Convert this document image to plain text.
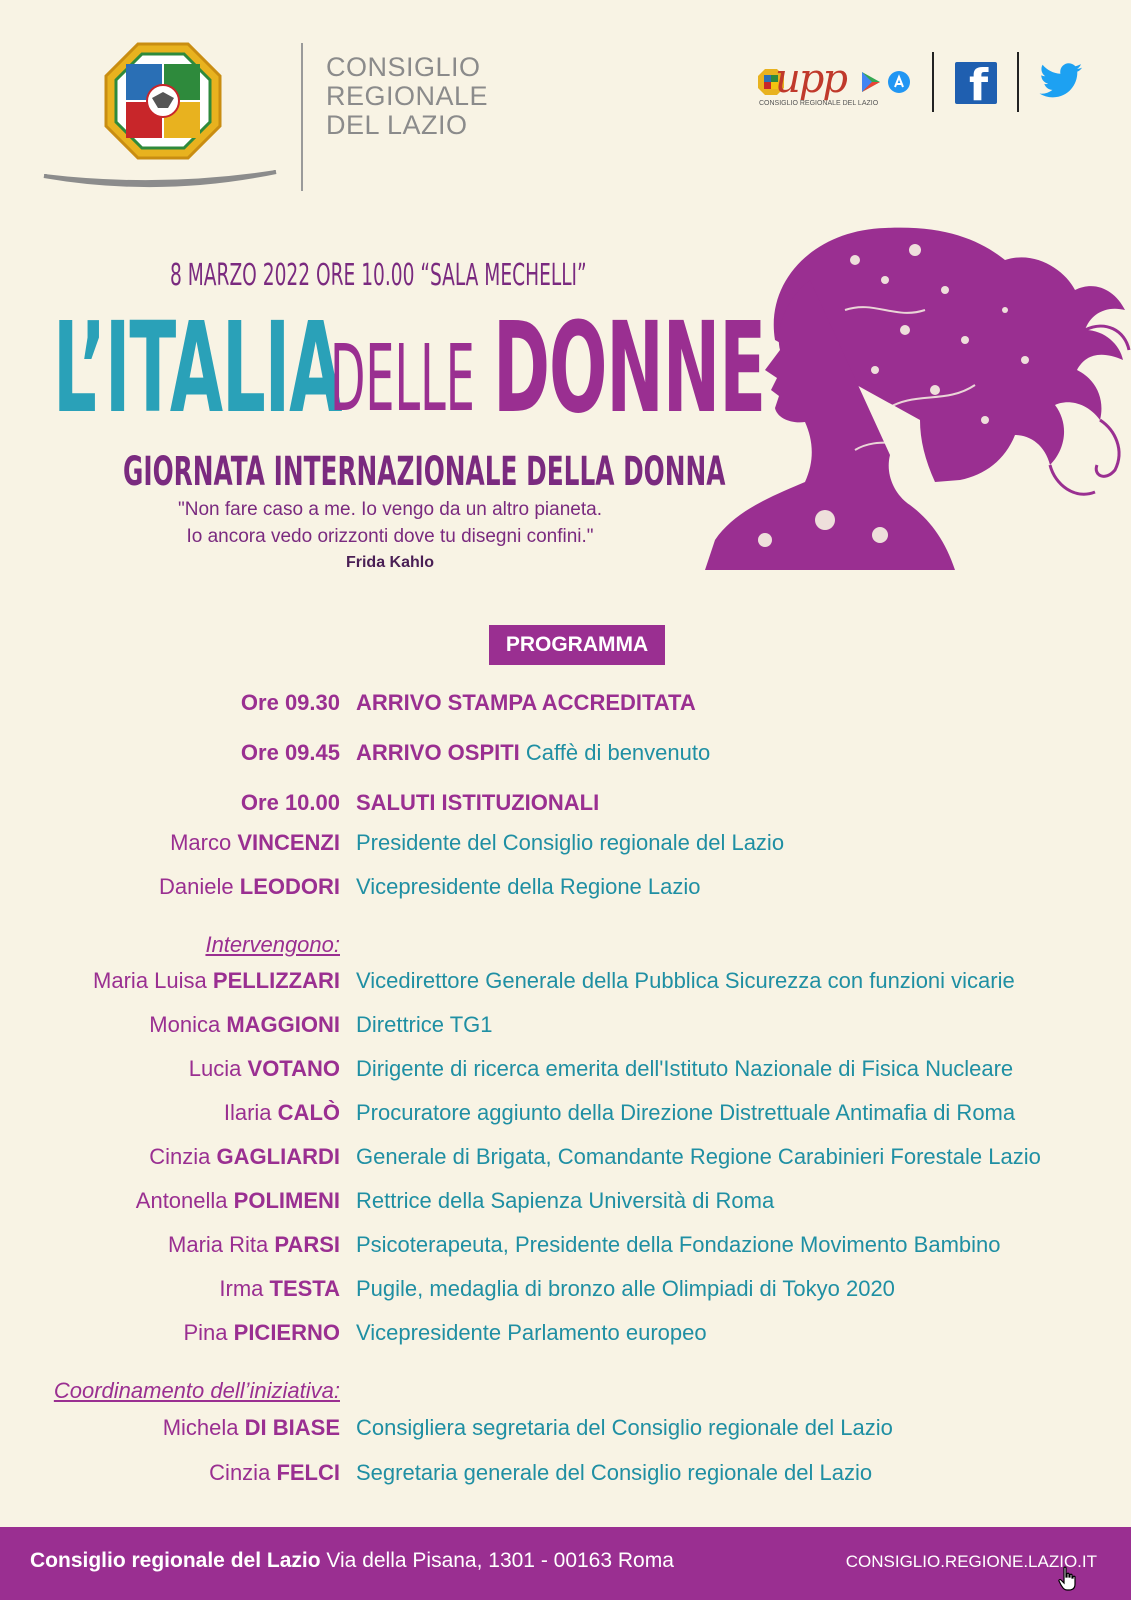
CONSIGLIO
REGIONALE
DEL LAZIO
upp
CONSIGLIO REGIONALE DEL LAZIO f
8 MARZO 2022 ORE 10.00 “SALA MECHELLI”
L’ITALIA
DELLE DONNE
GIORNATA INTERNAZIONALE DELLA DONNA
"Non fare caso a me. Io vengo da un altro pianeta.
Io ancora vedo orizzonti dove tu disegni confini."
Frida Kahlo
PROGRAMMA
Ore 09.30 ARRIVO STAMPA ACCREDITATA
Ore 09.45 ARRIVO OSPITI Caffè di benvenuto
Ore 10.00 SALUTI ISTITUZIONALI
Marco VINCENZI Presidente del Consiglio regionale del Lazio
Daniele LEODORI Vicepresidente della Regione Lazio
Intervengono:
Maria Luisa PELLIZZARI Vicedirettore Generale della Pubblica Sicurezza con funzioni vicarie
Monica MAGGIONI Direttrice TG1
Lucia VOTANO Dirigente di ricerca emerita dell'Istituto Nazionale di Fisica Nucleare
Ilaria CALÒ Procuratore aggiunto della Direzione Distrettuale Antimafia di Roma
Cinzia GAGLIARDI Generale di Brigata, Comandante Regione Carabinieri Forestale Lazio
Antonella POLIMENI Rettrice della Sapienza Università di Roma
Maria Rita PARSI Psicoterapeuta, Presidente della Fondazione Movimento Bambino
Irma TESTA Pugile, medaglia di bronzo alle Olimpiadi di Tokyo 2020
Pina PICIERNO Vicepresidente Parlamento europeo
Coordinamento dell’iniziativa:
Michela DI BIASE Consigliera segretaria del Consiglio regionale del Lazio
Cinzia FELCI Segretaria generale del Consiglio regionale del Lazio
Consiglio regionale del Lazio Via della Pisana, 1301 - 00163 Roma	CONSIGLIO.REGIONE.LAZIO.IT
